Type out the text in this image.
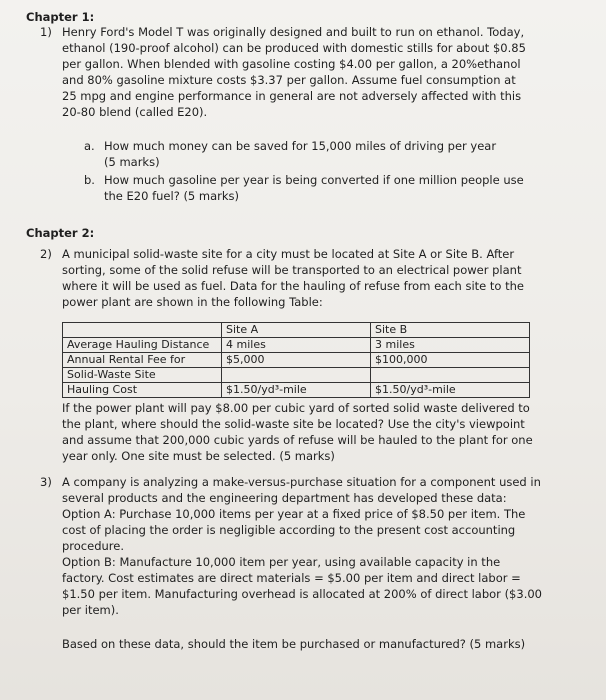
Chapter 1:
1) Henry Ford's Model T was originally designed and built to run on ethanol. Today, ethanol (190-proof alcohol) can be produced with domestic stills for about $0.85 per gallon. When blended with gasoline costing $4.00 per gallon, a 20%ethanol and 80% gasoline mixture costs $3.37 per gallon. Assume fuel consumption at 25 mpg and engine performance in general are not adversely affected with this 20-80 blend (called E20).
a. How much money can be saved for 15,000 miles of driving per year (5 marks)
b. How much gasoline per year is being converted if one million people use the E20 fuel? (5 marks)
Chapter 2:
2) A municipal solid-waste site for a city must be located at Site A or Site B. After sorting, some of the solid refuse will be transported to an electrical power plant where it will be used as fuel. Data for the hauling of refuse from each site to the power plant are shown in the following Table:
	Site A	Site B
Average Hauling Distance	4 miles	3 miles
Annual Rental Fee for	$5,000	$100,000
Solid-Waste Site		
Hauling Cost	$1.50/yd³-mile	$1.50/yd³-mile
If the power plant will pay $8.00 per cubic yard of sorted solid waste delivered to the plant, where should the solid-waste site be located? Use the city's viewpoint and assume that 200,000 cubic yards of refuse will be hauled to the plant for one year only. One site must be selected. (5 marks)
3) A company is analyzing a make-versus-purchase situation for a component used in several products and the engineering department has developed these data:
Option A: Purchase 10,000 items per year at a fixed price of $8.50 per item. The cost of placing the order is negligible according to the present cost accounting procedure.
Option B: Manufacture 10,000 item per year, using available capacity in the factory. Cost estimates are direct materials = $5.00 per item and direct labor = $1.50 per item. Manufacturing overhead is allocated at 200% of direct labor ($3.00 per item).
Based on these data, should the item be purchased or manufactured? (5 marks)
